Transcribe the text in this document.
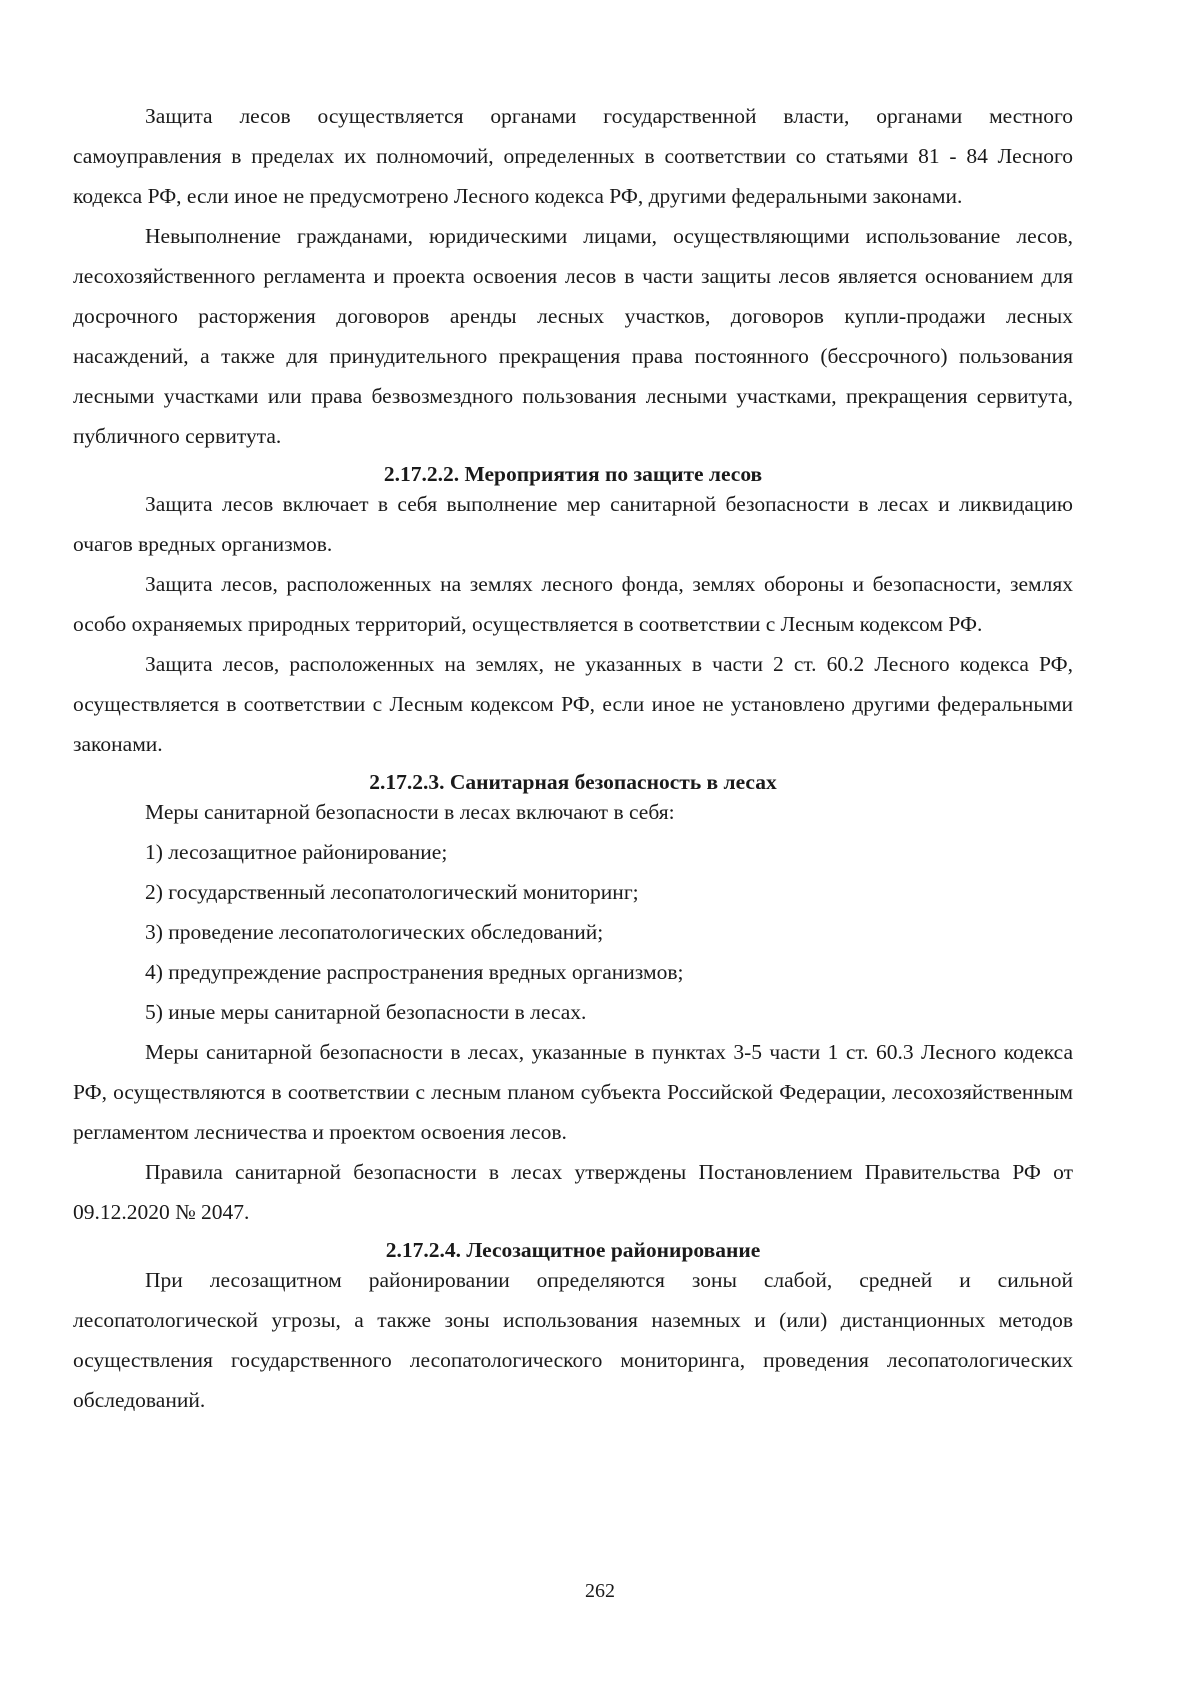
Защита лесов осуществляется органами государственной власти, органами местного самоуправления в пределах их полномочий, определенных в соответствии со статьями 81 - 84 Лесного кодекса РФ, если иное не предусмотрено Лесного кодекса РФ, другими федеральными законами.

Невыполнение гражданами, юридическими лицами, осуществляющими использование лесов, лесохозяйственного регламента и проекта освоения лесов в части защиты лесов является основанием для досрочного расторжения договоров аренды лесных участков, договоров купли-продажи лесных насаждений, а также для принудительного прекращения права постоянного (бессрочного) пользования лесными участками или права безвозмездного пользования лесными участками, прекращения сервитута, публичного сервитута.

2.17.2.2. Мероприятия по защите лесов

Защита лесов включает в себя выполнение мер санитарной безопасности в лесах и ликвидацию очагов вредных организмов.

Защита лесов, расположенных на землях лесного фонда, землях обороны и безопасности, землях особо охраняемых природных территорий, осуществляется в соответствии с Лесным кодексом РФ.

Защита лесов, расположенных на землях, не указанных в части 2 ст. 60.2 Лесного кодекса РФ, осуществляется в соответствии с Лесным кодексом РФ, если иное не установлено другими федеральными законами.

2.17.2.3. Санитарная безопасность в лесах

Меры санитарной безопасности в лесах включают в себя:

1) лесозащитное районирование;

2) государственный лесопатологический мониторинг;

3) проведение лесопатологических обследований;

4) предупреждение распространения вредных организмов;

5) иные меры санитарной безопасности в лесах.

Меры санитарной безопасности в лесах, указанные в пунктах 3-5 части 1 ст. 60.3 Лесного кодекса РФ, осуществляются в соответствии с лесным планом субъекта Российской Федерации, лесохозяйственным регламентом лесничества и проектом освоения лесов.

Правила санитарной безопасности в лесах утверждены Постановлением Правительства РФ от 09.12.2020 № 2047.

2.17.2.4. Лесозащитное районирование

При лесозащитном районировании определяются зоны слабой, средней и сильной лесопатологической угрозы, а также зоны использования наземных и (или) дистанционных методов осуществления государственного лесопатологического мониторинга, проведения лесопатологических обследований.

262
